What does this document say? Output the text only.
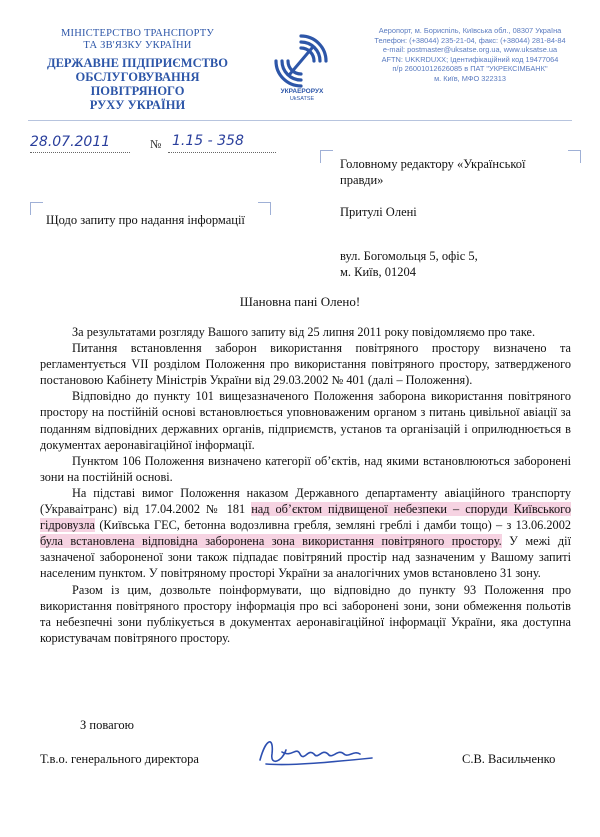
МІНІСТЕРСТВО ТРАНСПОРТУ
ТА ЗВ'ЯЗКУ УКРАЇНИ
ДЕРЖАВНЕ ПІДПРИЄМСТВО
ОБСЛУГОВУВАННЯ ПОВІТРЯНОГО
РУХУ УКРАЇНИ
УКРАЕРОРУХ
UkSATSE
Аеропорт, м. Бориспіль, Київська обл., 08307 Україна
Телефон: (+38044) 235-21-04, факс: (+38044) 281-84-84
e-mail: postmaster@uksatse.org.ua, www.uksatse.ua
AFTN: UKKRDUXX; Ідентифікаційний код 19477064
п/р 26001012626085 в ПАТ "УКРЕКСІМБАНК"
м. Київ, МФО 322313
28.07.2011	№ 1.15 - 358
Головному редактору «Української
правди»
Притулі Олені
вул. Богомольця 5, офіс 5,
м. Київ, 01204
Щодо запиту про надання інформації
Шановна пані Олено!

За результатами розгляду Вашого запиту від 25 липня 2011 року повідомляємо про таке.

Питання встановлення заборон використання повітряного простору визначено та регламентується VII розділом Положення про використання повітряного простору, затвердженого постановою Кабінету Міністрів України від 29.03.2002 № 401 (далі – Положення).

Відповідно до пункту 101 вищезазначеного Положення заборона використання повітряного простору на постійній основі встановлюється уповноваженим органом з питань цивільної авіації за поданням відповідних державних органів, підприємств, установ та організацій і оприлюднюється в документах аеронавігаційної інформації.

Пунктом 106 Положення визначено категорії об’єктів, над якими встановлюються заборонені зони на постійній основі.

На підставі вимог Положення наказом Державного департаменту авіаційного транспорту (Украваітранс) від 17.04.2002 № 181 над об’єктом підвищеної небезпеки – споруди Київського гідровузла (Київська ГЕС, бетонна водозливна гребля, земляні греблі і дамби тощо) – з 13.06.2002 була встановлена відповідна заборонена зона використання повітряного простору. У межі дії зазначеної забороненої зони також підпадає повітряний простір над зазначеним у Вашому запиті населеним пунктом. У повітряному просторі України за аналогічних умов встановлено 31 зону.

Разом із цим, дозвольте поінформувати, що відповідно до пункту 93 Положення про використання повітряного простору інформація про всі заборонені зони, зони обмеження польотів та небезпечні зони публікується в документах аеронавігаційної інформації України, яка доступна користувачам повітряного простору.

З повагою
Т.в.о. генерального директора	С.В. Васильченко
